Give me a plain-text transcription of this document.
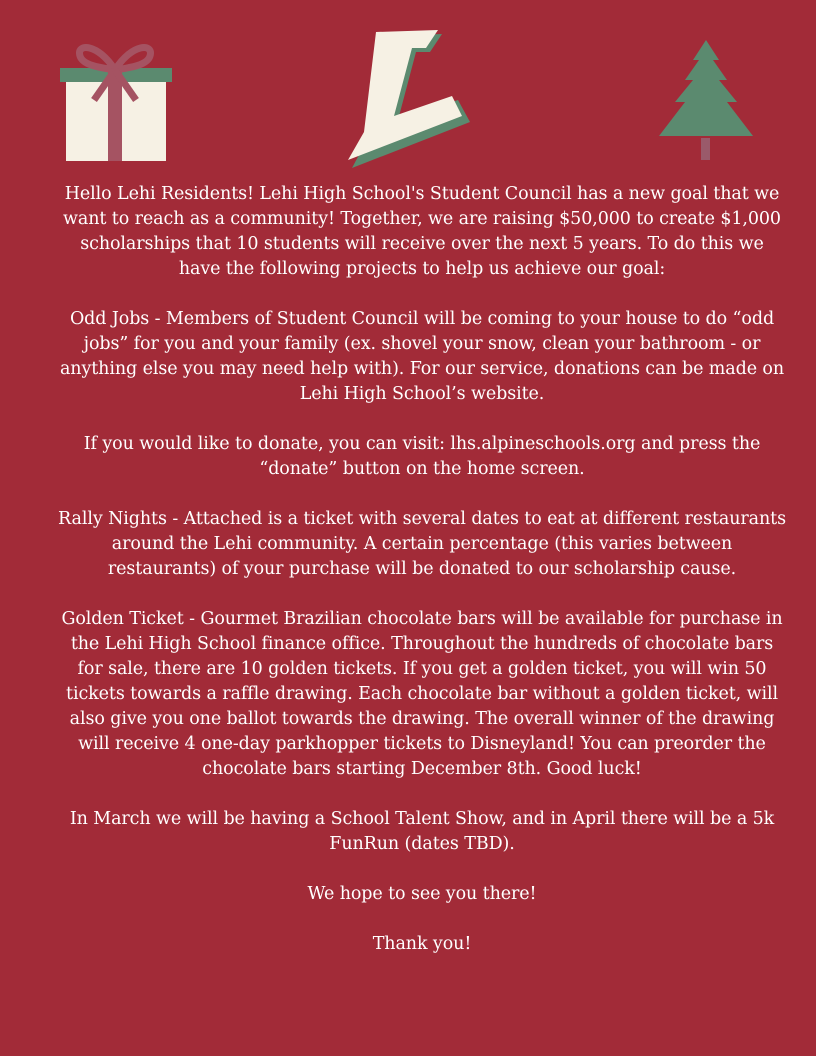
Hello Lehi Residents! Lehi High School's Student Council has a new goal that we want to reach as a community! Together, we are raising $50,000 to create $1,000 scholarships that 10 students will receive over the next 5 years. To do this we have the following projects to help us achieve our goal:

Odd Jobs - Members of Student Council will be coming to your house to do “odd jobs” for you and your family (ex. shovel your snow, clean your bathroom - or anything else you may need help with). For our service, donations can be made on Lehi High School’s website.

If you would like to donate, you can visit: lhs.alpineschools.org and press the “donate” button on the home screen.

Rally Nights - Attached is a ticket with several dates to eat at different restaurants around the Lehi community. A certain percentage (this varies between restaurants) of your purchase will be donated to our scholarship cause.

Golden Ticket - Gourmet Brazilian chocolate bars will be available for purchase in the Lehi High School finance office. Throughout the hundreds of chocolate bars for sale, there are 10 golden tickets. If you get a golden ticket, you will win 50 tickets towards a raffle drawing. Each chocolate bar without a golden ticket, will also give you one ballot towards the drawing. The overall winner of the drawing will receive 4 one-day parkhopper tickets to Disneyland! You can preorder the chocolate bars starting December 8th. Good luck!

In March we will be having a School Talent Show, and in April there will be a 5k FunRun (dates TBD).

We hope to see you there!

Thank you!
